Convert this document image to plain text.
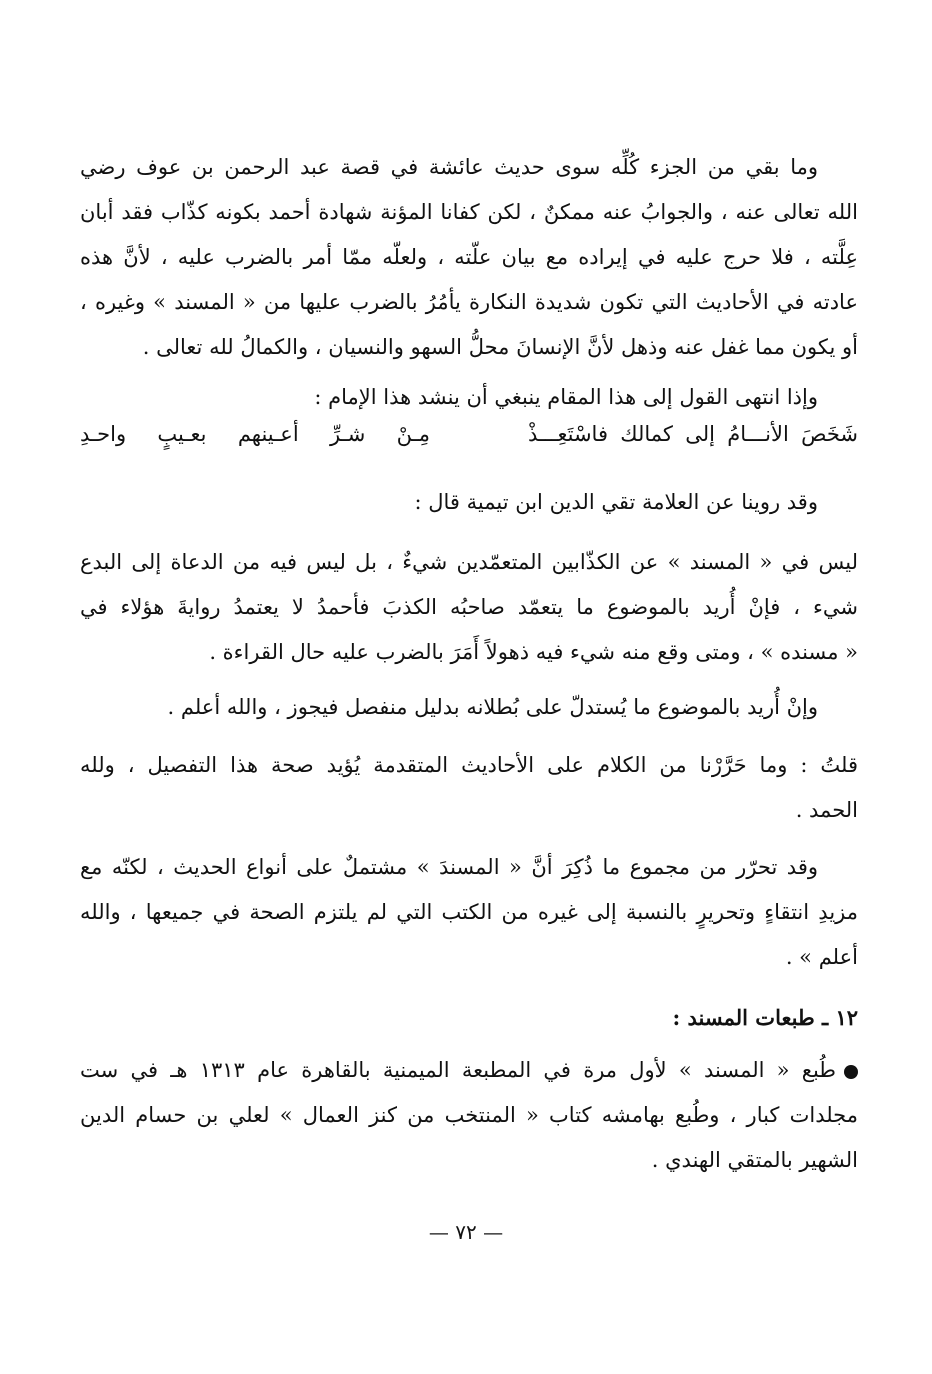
وما بقي من الجزء كُلِّه سوى حديث عائشة في قصة عبد الرحمن بن عوف رضي
الله تعالى عنه ، والجوابُ عنه ممكنٌ ، لكن كفانا المؤنة شهادة أحمد بكونه كذّاب فقد أبان
عِلَّته ، فلا حرج عليه في إيراده مع بيان علّته ، ولعلّه ممّا أمر بالضرب عليه ، لأنَّ هذه
عادته في الأحاديث التي تكون شديدة النكارة يأمُرُ بالضرب عليها من « المسند » وغيره ،
أو يكون مما غفل عنه وذهل لأنَّ الإنسانَ محلُّ السهو والنسيان ، والكمالُ لله تعالى .
وإذا انتهى القول إلى هذا المقام ينبغي أن ينشد هذا الإمام :
شَخَصَ الأنـــامُ إلى كمالك فاسْتَعِـــذْ
مِـنْ شـرِّ أعـينهم بعـيبٍ واحـدِ
وقد روينا عن العلامة تقي الدين ابن تيمية قال :
ليس في « المسند » عن الكذّابين المتعمّدين شيءٌ ، بل ليس فيه من الدعاة إلى البدع
شيء ، فإنْ أُريد بالموضوع ما يتعمّد صاحبُه الكذبَ فأحمدُ لا يعتمدُ روايةَ هؤلاء في
« مسنده » ، ومتى وقع منه شيء فيه ذهولاً أَمَرَ بالضرب عليه حال القراءة .
وإنْ أُريد بالموضوع ما يُستدلّ على بُطلانه بدليل منفصل فيجوز ، والله أعلم .
قلتُ : وما حَرَّرْنا من الكلام على الأحاديث المتقدمة يُؤيد صحة هذا التفصيل ، ولله
الحمد .
وقد تحرّر من مجموع ما ذُكِرَ أنَّ « المسندَ » مشتملٌ على أنواع الحديث ، لكنّه مع
مزيدِ انتقاءٍ وتحريرٍ بالنسبة إلى غيره من الكتب التي لم يلتزم الصحة في جميعها ، والله
أعلم » .
١٢ ـ طبعات المسند :
طُبع « المسند » لأول مرة في المطبعة الميمنية بالقاهرة عام ١٣١٣ هـ في ست
مجلدات كبار ، وطُبع بهامشه كتاب « المنتخب من كنز العمال » لعلي بن حسام الدين
الشهير بالمتقي الهندي .
— ٧٢ —
